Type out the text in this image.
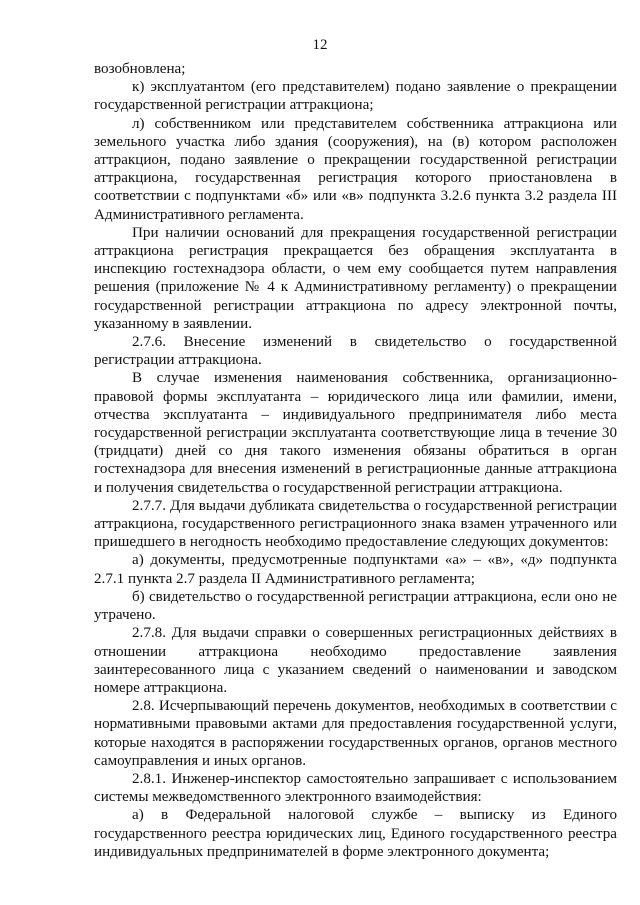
12

возобновлена;

к) эксплуатантом (его представителем) подано заявление о прекращении государственной регистрации аттракциона;

л) собственником или представителем собственника аттракциона или земельного участка либо здания (сооружения), на (в) котором расположен аттракцион, подано заявление о прекращении государственной регистрации аттракциона, государственная регистрация которого приостановлена в соответствии с подпунктами «б» или «в» подпункта 3.2.6 пункта 3.2 раздела III Административного регламента.

При наличии оснований для прекращения государственной регистрации аттракциона регистрация прекращается без обращения эксплуатанта в инспекцию гостехнадзора области, о чем ему сообщается путем направления решения (приложение № 4 к Административному регламенту) о прекращении государственной регистрации аттракциона по адресу электронной почты, указанному в заявлении.

2.7.6. Внесение изменений в свидетельство о государственной регистрации аттракциона.

В случае изменения наименования собственника, организационно-правовой формы эксплуатанта – юридического лица или фамилии, имени, отчества эксплуатанта – индивидуального предпринимателя либо места государственной регистрации эксплуатанта соответствующие лица в течение 30 (тридцати) дней со дня такого изменения обязаны обратиться в орган гостехнадзора для внесения изменений в регистрационные данные аттракциона и получения свидетельства о государственной регистрации аттракциона.

2.7.7. Для выдачи дубликата свидетельства о государственной регистрации аттракциона, государственного регистрационного знака взамен утраченного или пришедшего в негодность необходимо предоставление следующих документов:

а) документы, предусмотренные подпунктами «а» – «в», «д» подпункта 2.7.1 пункта 2.7 раздела II Административного регламента;

б) свидетельство о государственной регистрации аттракциона, если оно не утрачено.

2.7.8. Для выдачи справки о совершенных регистрационных действиях в отношении аттракциона необходимо предоставление заявления заинтересованного лица с указанием сведений о наименовании и заводском номере аттракциона.

2.8. Исчерпывающий перечень документов, необходимых в соответствии с нормативными правовыми актами для предоставления государственной услуги, которые находятся в распоряжении государственных органов, органов местного самоуправления и иных органов.

2.8.1. Инженер-инспектор самостоятельно запрашивает с использованием системы межведомственного электронного взаимодействия:

а) в Федеральной налоговой службе – выписку из Единого государственного реестра юридических лиц, Единого государственного реестра индивидуальных предпринимателей в форме электронного документа;
